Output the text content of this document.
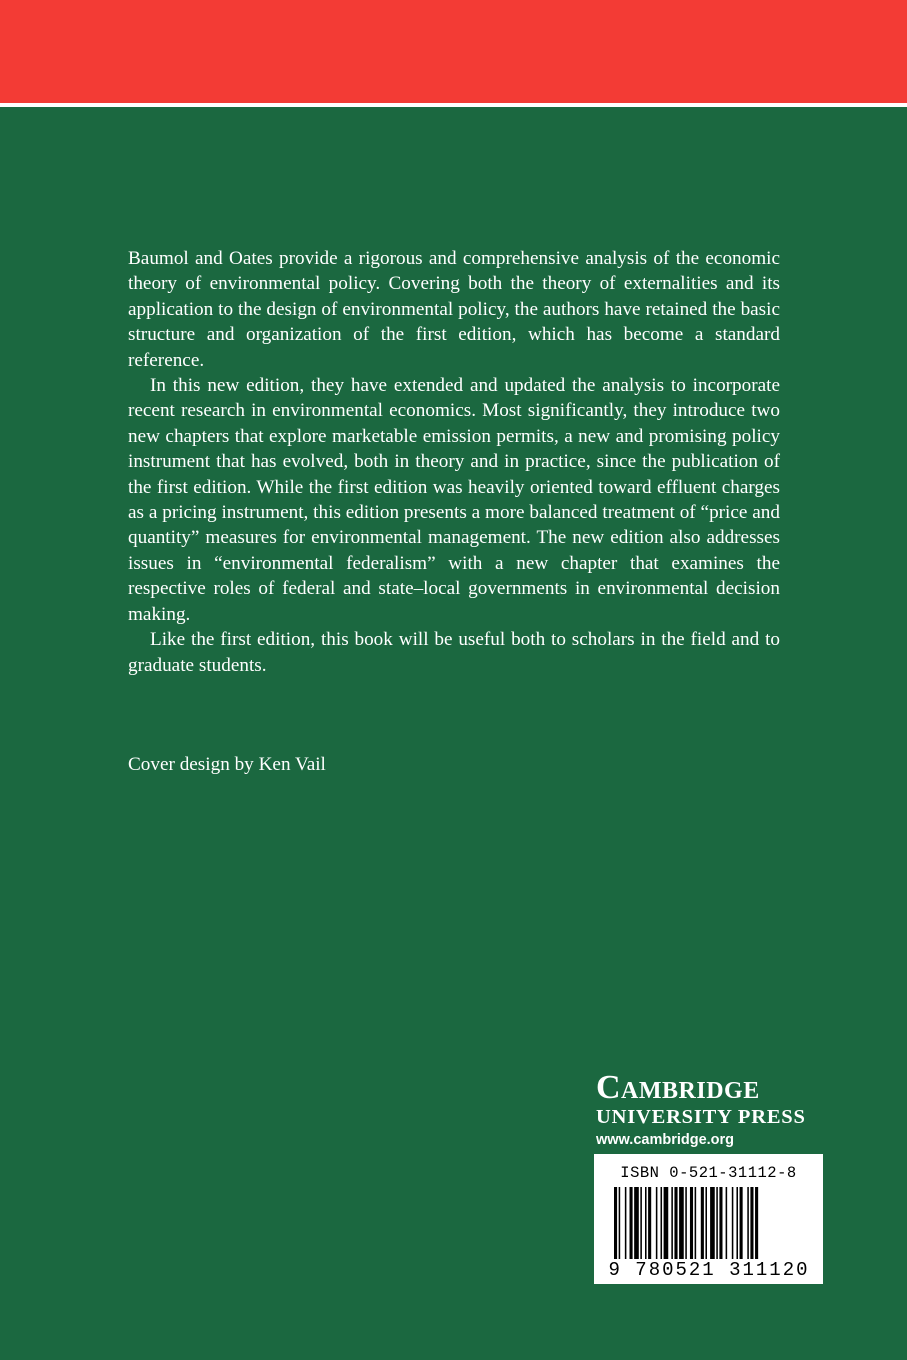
Baumol and Oates provide a rigorous and comprehensive analysis of the economic theory of environmental policy. Covering both the theory of externalities and its application to the design of environmental policy, the authors have retained the basic structure and organization of the first edition, which has become a standard reference.

In this new edition, they have extended and updated the analysis to incorporate recent research in environmental economics. Most significantly, they introduce two new chapters that explore marketable emission permits, a new and promising policy instrument that has evolved, both in theory and in practice, since the publication of the first edition. While the first edition was heavily oriented toward effluent charges as a pricing instrument, this edition presents a more balanced treatment of “price and quantity” measures for environmental management. The new edition also addresses issues in “environmental federalism” with a new chapter that examines the respective roles of federal and state–local governments in environmental decision making.

Like the first edition, this book will be useful both to scholars in the field and to graduate students.

Cover design by Ken Vail
Cambridge
UNIVERSITY PRESS
www.cambridge.org
ISBN 0-521-31112-8
9 780521 311120
